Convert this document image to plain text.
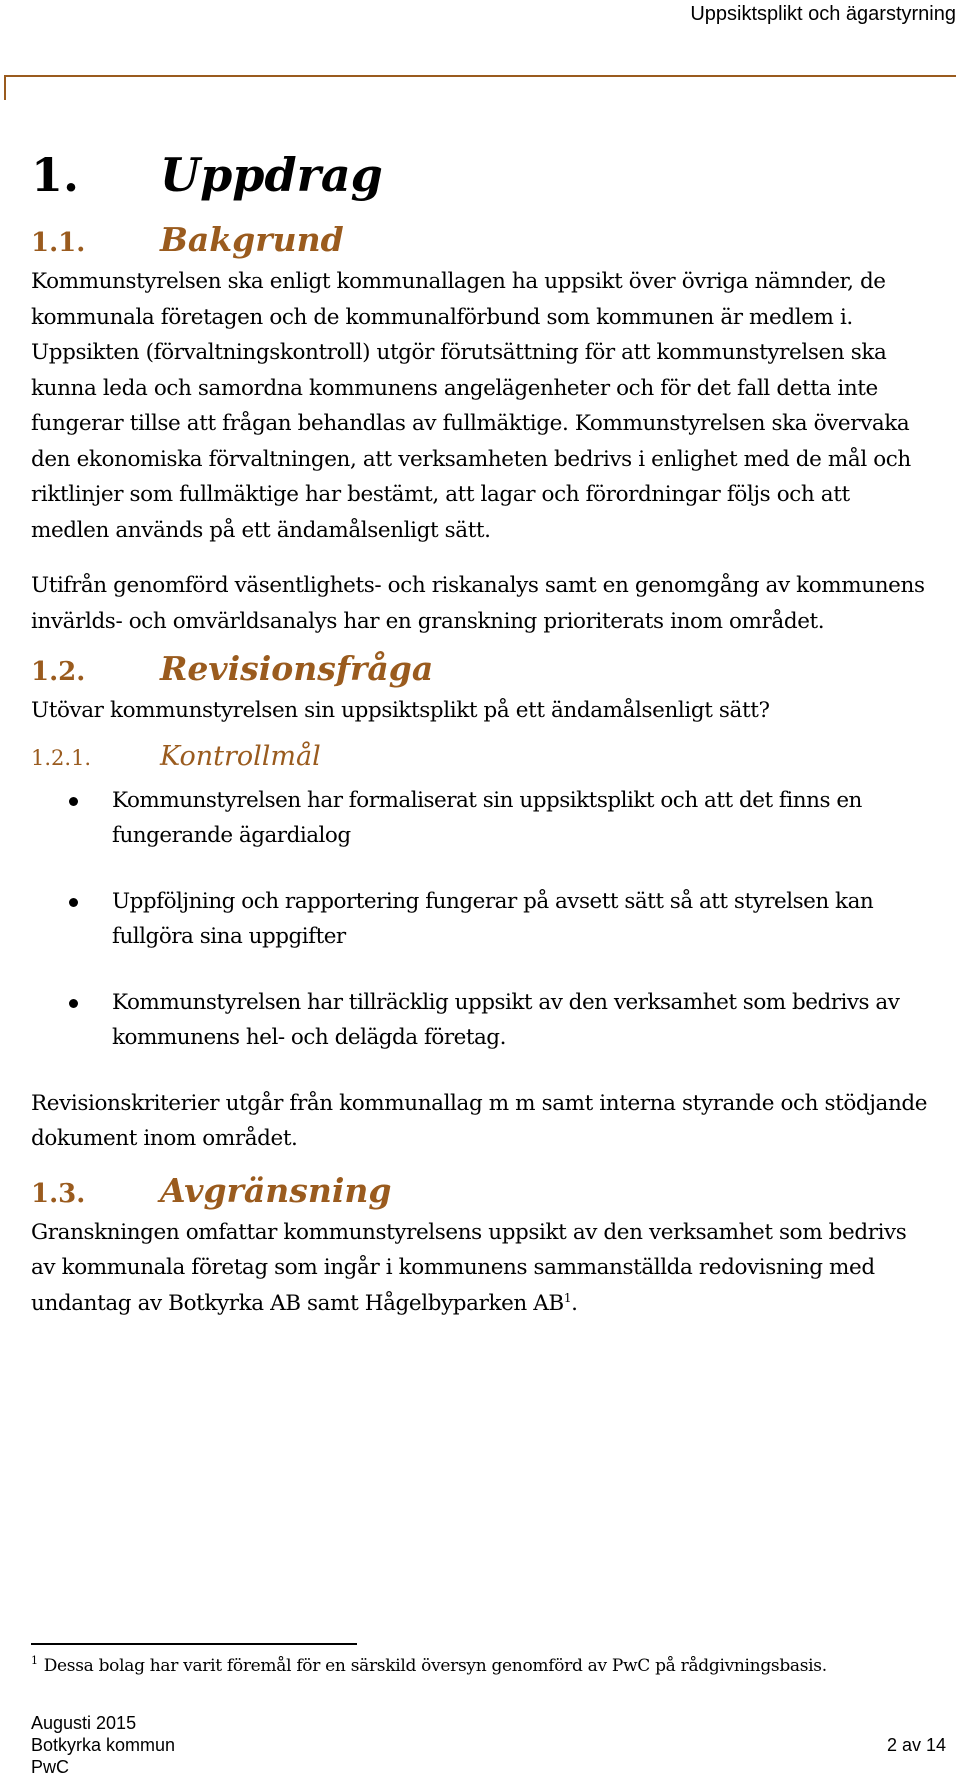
Uppsiktsplikt och ägarstyrning
1.	Uppdrag
1.1.	Bakgrund

Kommunstyrelsen ska enligt kommunallagen ha uppsikt över övriga nämnder, de kommunala företagen och de kommunalförbund som kommunen är medlem i. Uppsikten (förvaltningskontroll) utgör förutsättning för att kommunstyrelsen ska kunna leda och samordna kommunens angelägenheter och för det fall detta inte fungerar tillse att frågan behandlas av fullmäktige. Kommunstyrelsen ska övervaka den ekonomiska förvaltningen, att verksamheten bedrivs i enlighet med de mål och riktlinjer som fullmäktige har bestämt, att lagar och förordningar följs och att medlen används på ett ändamålsenligt sätt.

Utifrån genomförd väsentlighets- och riskanalys samt en genomgång av kommunens invärlds- och omvärldsanalys har en granskning prioriterats inom området.

1.2.	Revisionsfråga

Utövar kommunstyrelsen sin uppsiktsplikt på ett ändamålsenligt sätt?

1.2.1.	Kontrollmål

Kommunstyrelsen har formaliserat sin uppsiktsplikt och att det finns en fungerande ägardialog

Uppföljning och rapportering fungerar på avsett sätt så att styrelsen kan fullgöra sina uppgifter

Kommunstyrelsen har tillräcklig uppsikt av den verksamhet som bedrivs av kommunens hel- och delägda företag.

Revisionskriterier utgår från kommunallag m m samt interna styrande och stödjande dokument inom området.

1.3.	Avgränsning

Granskningen omfattar kommunstyrelsens uppsikt av den verksamhet som bedrivs av kommunala företag som ingår i kommunens sammanställda redovisning med undantag av Botkyrka AB samt Hågelbyparken AB$^1$.

$^1$ Dessa bolag har varit föremål för en särskild översyn genomförd av PwC på rådgivningsbasis.
Augusti 2015
Botkyrka kommun
PwC
2 av 14
